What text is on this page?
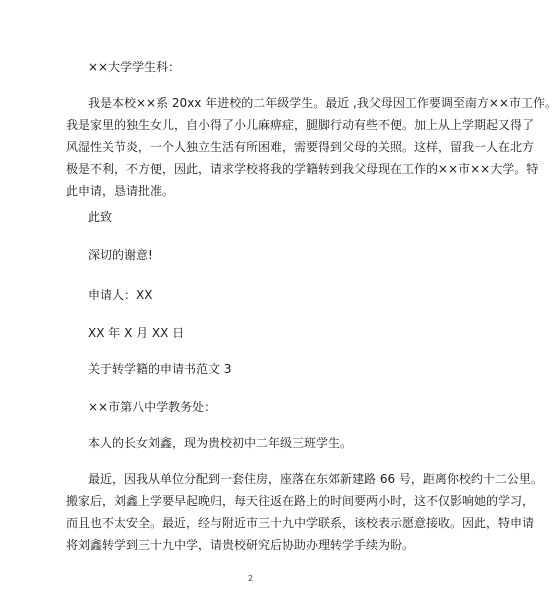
××大学学生科：

我是本校××系 20xx 年进校的二年级学生。最近 ,我父母因工作要调至南方××市工作。
我是家里的独生女儿，自小得了小儿麻痹症，腿脚行动有些不便。加上从上学期起又得了
风湿性关节炎，一个人独立生活有所困难，需要得到父母的关照。这样，留我一人在北方
极是不利，不方便，因此，请求学校将我的学籍转到我父母现在工作的××市××大学。特
此申请，恳请批准。

此致

深切的谢意!

申请人：XX

XX 年 X 月 XX 日

关于转学籍的申请书范文 3

××市第八中学教务处：

本人的长女刘鑫，现为贵校初中二年级三班学生。

最近，因我从单位分配到一套住房，座落在东郊新建路 66 号，距离你校约十二公里。
搬家后，刘鑫上学要早起晚归，每天往返在路上的时间要两小时，这不仅影响她的学习，
而且也不太安全。最近，经与附近市三十九中学联系，该校表示愿意接收。因此，特申请
将刘鑫转学到三十九中学，请贵校研究后协助办理转学手续为盼。

2
